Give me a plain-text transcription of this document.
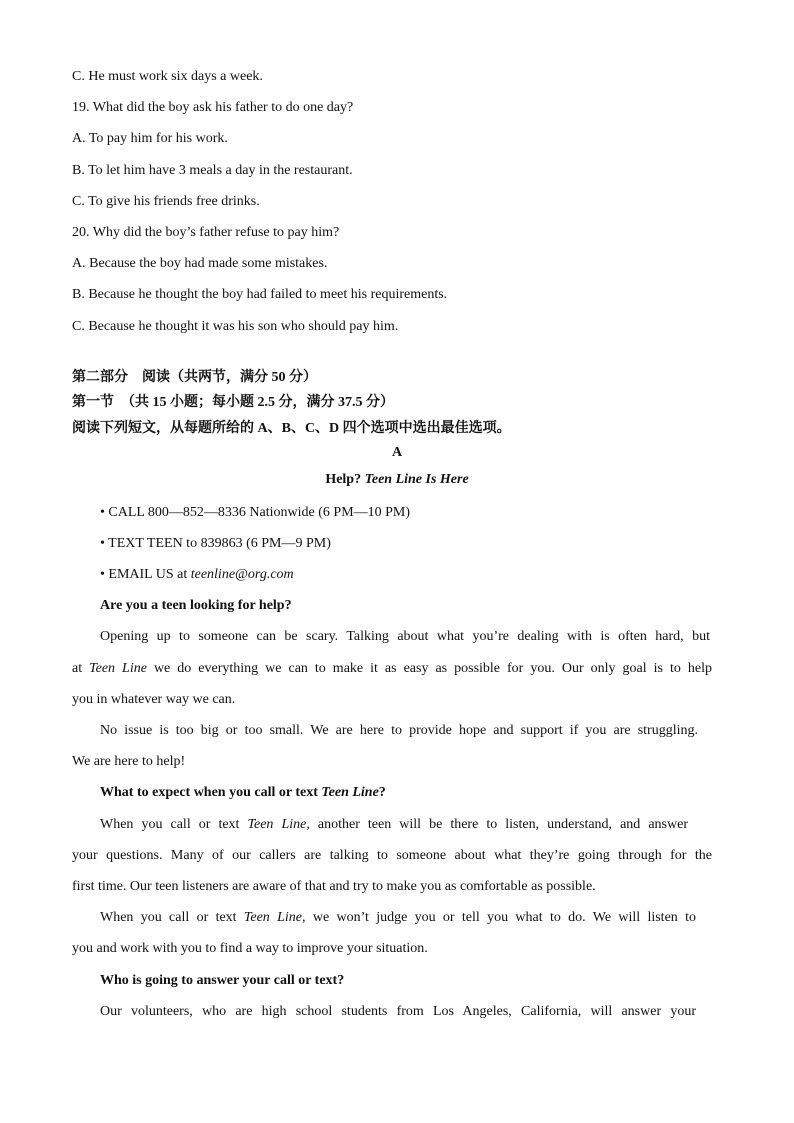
C. He must work six days a week.
19. What did the boy ask his father to do one day?
A. To pay him for his work.
B. To let him have 3 meals a day in the restaurant.
C. To give his friends free drinks.
20. Why did the boy’s father refuse to pay him?
A. Because the boy had made some mistakes.
B. Because he thought the boy had failed to meet his requirements.
C. Because he thought it was his son who should pay him.
第二部分　阅读（共两节，满分 50 分）
第一节　（共 15 小题；每小题 2.5 分，满分 37.5 分）
阅读下列短文，从每题所给的 A、B、C、D 四个选项中选出最佳选项。
A
Help? Teen Line Is Here
• CALL 800—852—8336 Nationwide (6 PM—10 PM)
• TEXT TEEN to 839863 (6 PM—9 PM)
• EMAIL US at teenline@org.com
Are you a teen looking for help?
Opening up to someone can be scary. Talking about what you’re dealing with is often hard, but
at Teen Line we do everything we can to make it as easy as possible for you. Our only goal is to help
you in whatever way we can.
No issue is too big or too small. We are here to provide hope and support if you are struggling.
We are here to help!
What to expect when you call or text Teen Line?
When you call or text Teen Line, another teen will be there to listen, understand, and answer
your questions. Many of our callers are talking to someone about what they’re going through for the
first time. Our teen listeners are aware of that and try to make you as comfortable as possible.
When you call or text Teen Line, we won’t judge you or tell you what to do. We will listen to
you and work with you to find a way to improve your situation.
Who is going to answer your call or text?
Our volunteers, who are high school students from Los Angeles, California, will answer your
